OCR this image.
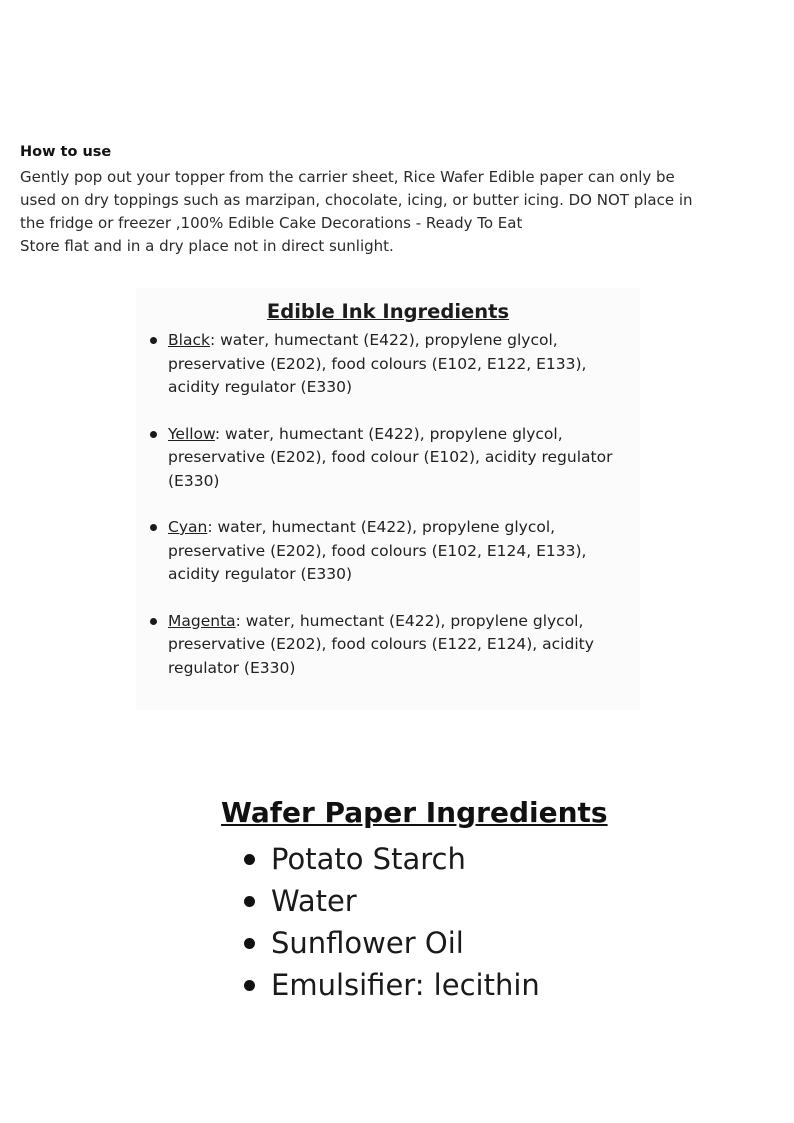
How to use

Gently pop out your topper from the carrier sheet, Rice Wafer Edible paper can only be

used on dry toppings such as marzipan, chocolate, icing, or butter icing. DO NOT place in

the fridge or freezer ,100% Edible Cake Decorations - Ready To Eat

Store flat and in a dry place not in direct sunlight.

Edible Ink Ingredients
Black: water, humectant (E422), propylene glycol,
preservative (E202), food colours (E102, E122, E133),
acidity regulator (E330)
Yellow: water, humectant (E422), propylene glycol,
preservative (E202), food colour (E102), acidity regulator
(E330)
Cyan: water, humectant (E422), propylene glycol,
preservative (E202), food colours (E102, E124, E133),
acidity regulator (E330)
Magenta: water, humectant (E422), propylene glycol,
preservative (E202), food colours (E122, E124), acidity
regulator (E330)
Wafer Paper Ingredients
Potato Starch
Water
Sunflower Oil
Emulsifier: lecithin
